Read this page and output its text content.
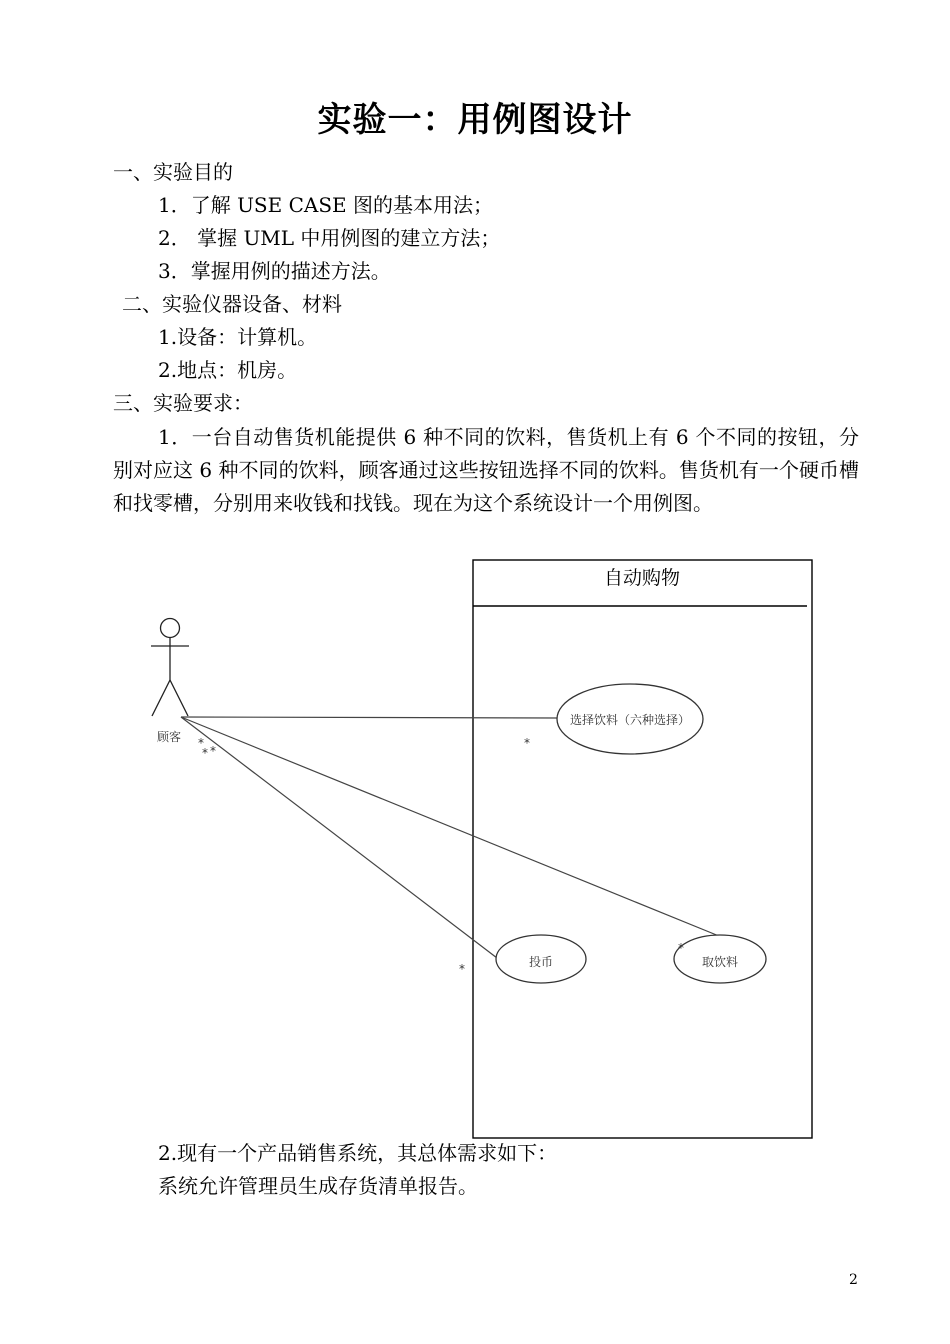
实验一：用例图设计
一、实验目的
1．了解 USE CASE 图的基本用法；
2． 掌握 UML 中用例图的建立方法；
3．掌握用例的描述方法。
二、实验仪器设备、材料
1.设备：计算机。
2.地点：机房。
三、实验要求：

1．一台自动售货机能提供 6 种不同的饮料，售货机上有 6 个不同的按钮，分别对应这 6 种不同的饮料，顾客通过这些按钮选择不同的饮料。售货机有一个硬币槽和找零槽，分别用来收钱和找钱。现在为这个系统设计一个用例图。

自动购物
顾客
选择饮料（六种选择）
投币	取饮料
*
* *
*
*
*
2.现有一个产品销售系统，其总体需求如下：
系统允许管理员生成存货清单报告。
2
